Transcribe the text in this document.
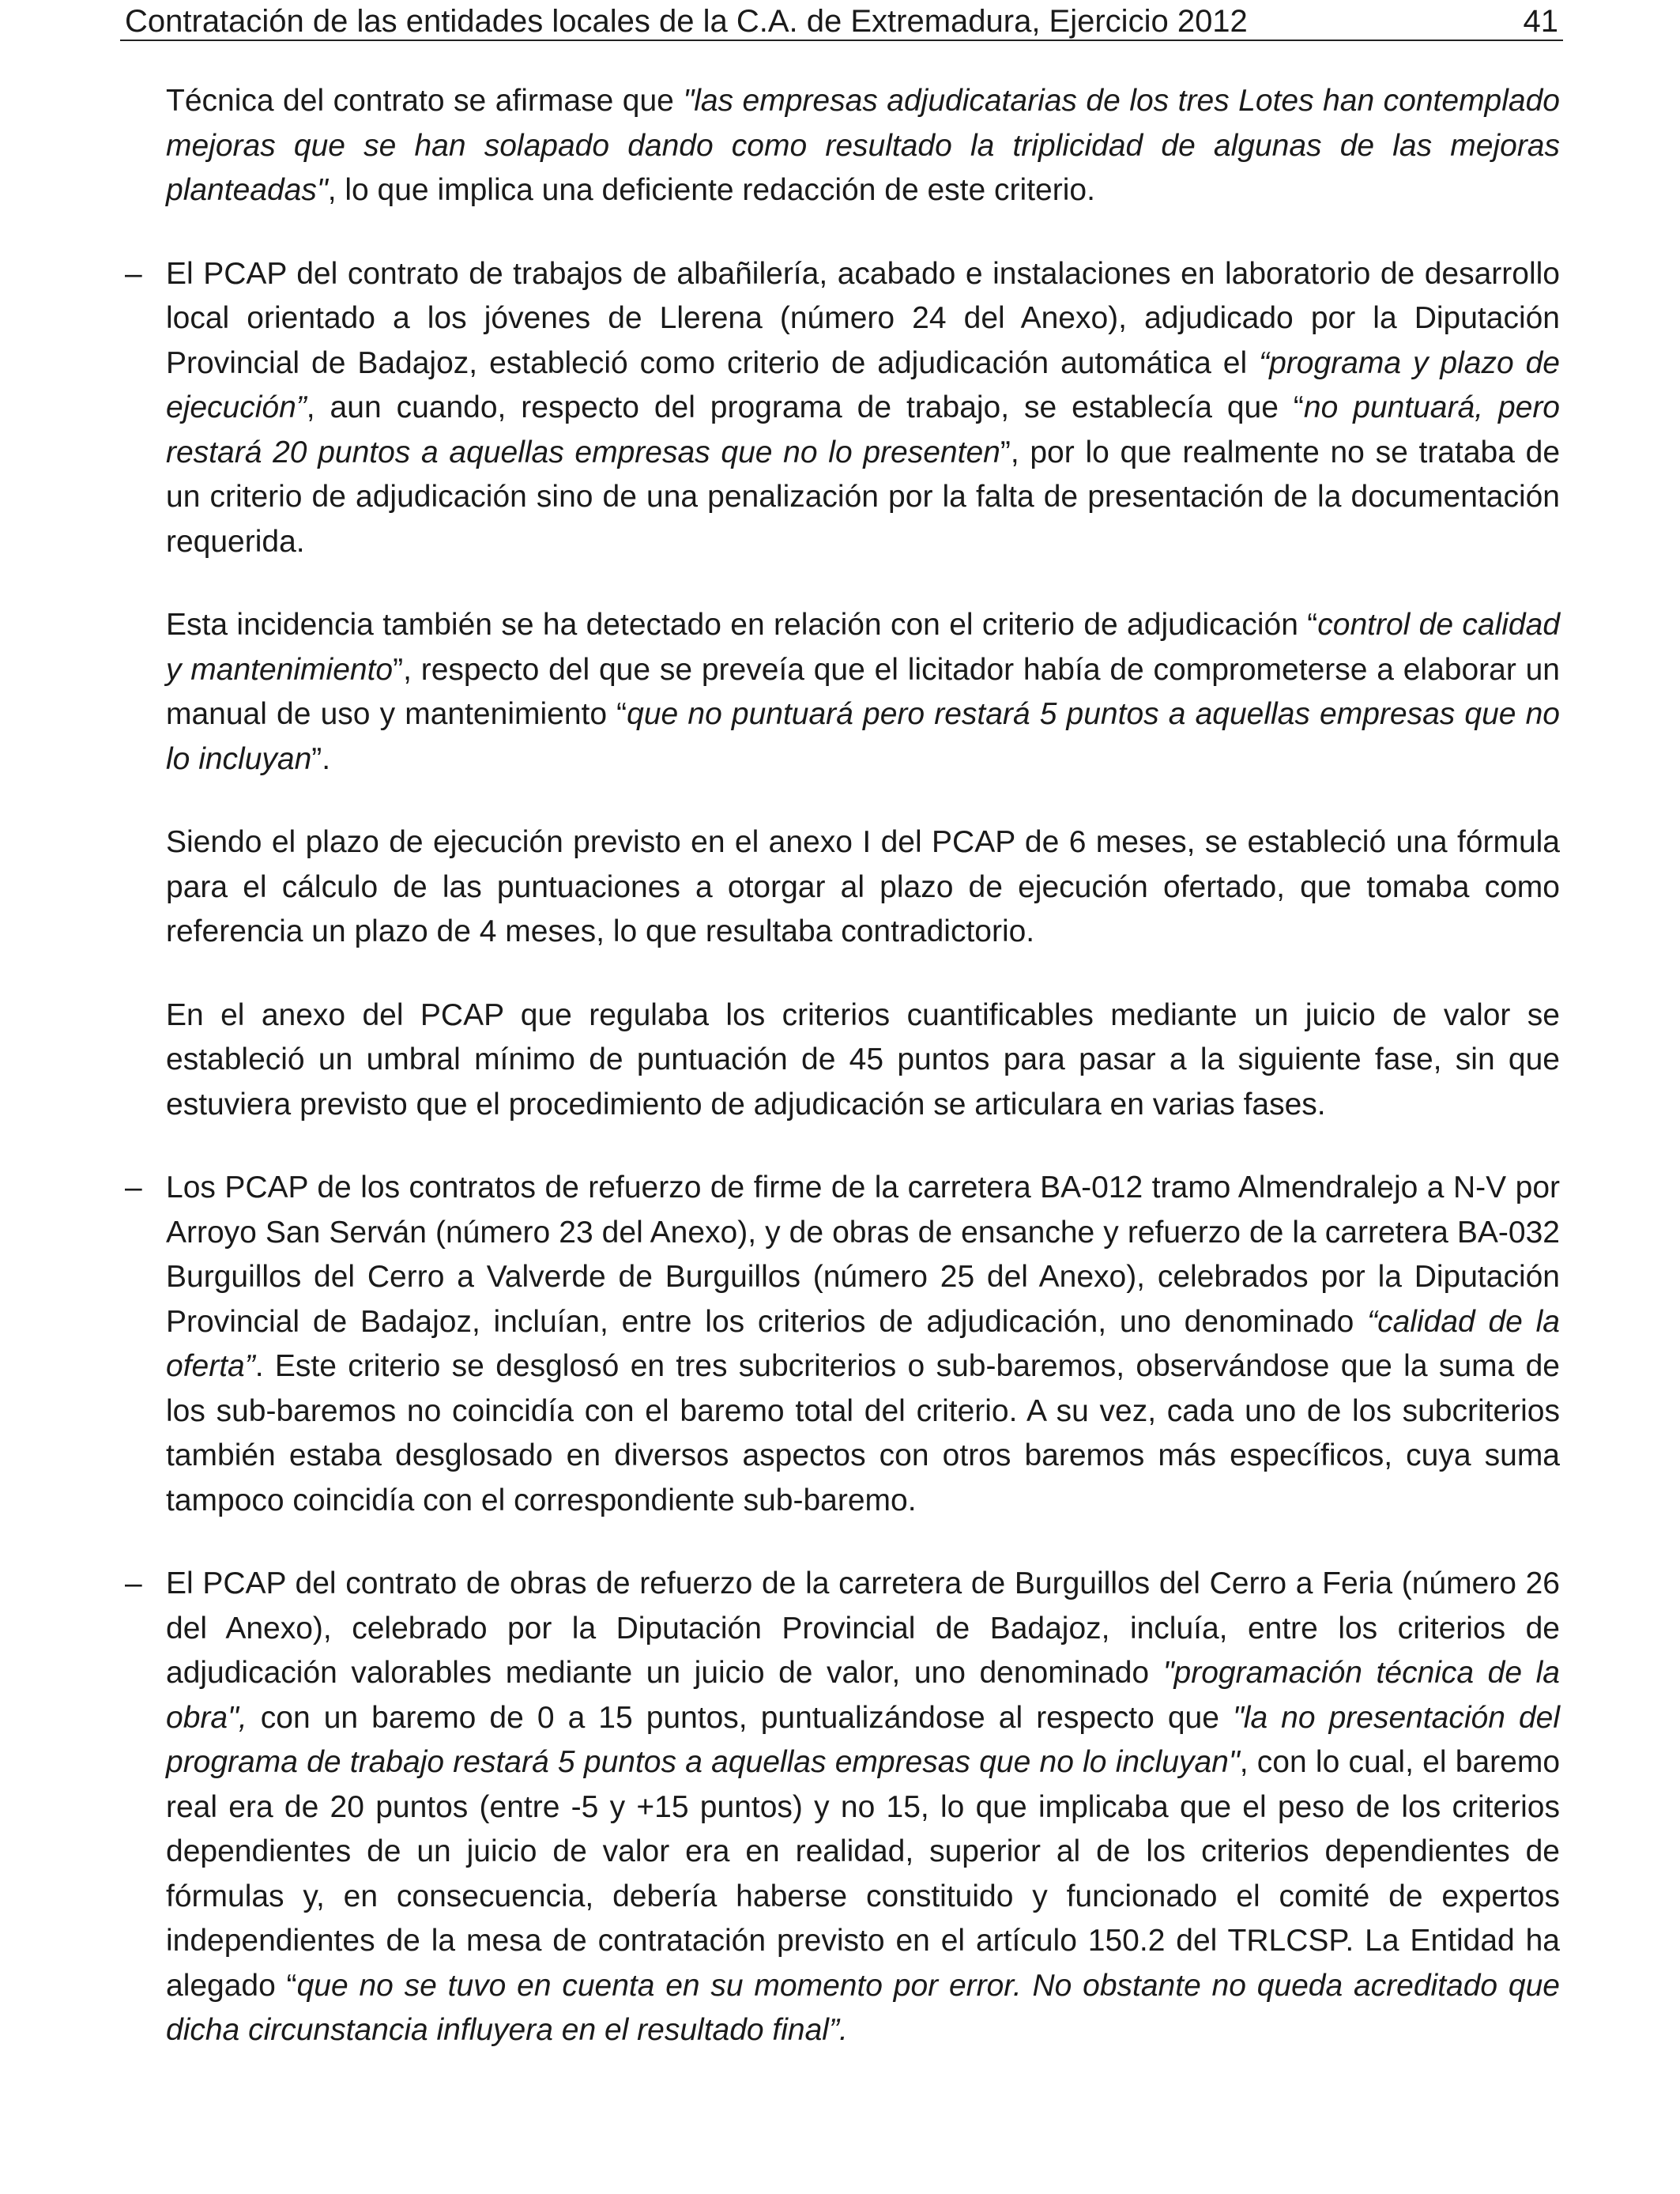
Contratación de las entidades locales de la C.A. de Extremadura, Ejercicio 2012	41

Técnica del contrato se afirmase que "las empresas adjudicatarias de los tres Lotes han contemplado mejoras que se han solapado dando como resultado la triplicidad de algunas de las mejoras planteadas", lo que implica una deficiente redacción de este criterio.

– El PCAP del contrato de trabajos de albañilería, acabado e instalaciones en laboratorio de desarrollo local orientado a los jóvenes de Llerena (número 24 del Anexo), adjudicado por la Diputación Provincial de Badajoz, estableció como criterio de adjudicación automática el “programa y plazo de ejecución”, aun cuando, respecto del programa de trabajo, se establecía que “no puntuará, pero restará 20 puntos a aquellas empresas que no lo presenten”, por lo que realmente no se trataba de un criterio de adjudicación sino de una penalización por la falta de presentación de la documentación requerida.

Esta incidencia también se ha detectado en relación con el criterio de adjudicación “control de calidad y mantenimiento”, respecto del que se preveía que el licitador había de comprometerse a elaborar un manual de uso y mantenimiento “que no puntuará pero restará 5 puntos a aquellas empresas que no lo incluyan”.

Siendo el plazo de ejecución previsto en el anexo I del PCAP de 6 meses, se estableció una fórmula para el cálculo de las puntuaciones a otorgar al plazo de ejecución ofertado, que tomaba como referencia un plazo de 4 meses, lo que resultaba contradictorio.

En el anexo del PCAP que regulaba los criterios cuantificables mediante un juicio de valor se estableció un umbral mínimo de puntuación de 45 puntos para pasar a la siguiente fase, sin que estuviera previsto que el procedimiento de adjudicación se articulara en varias fases.

– Los PCAP de los contratos de refuerzo de firme de la carretera BA-012 tramo Almendralejo a N-V por Arroyo San Serván (número 23 del Anexo), y de obras de ensanche y refuerzo de la carretera BA-032 Burguillos del Cerro a Valverde de Burguillos (número 25 del Anexo), celebrados por la Diputación Provincial de Badajoz, incluían, entre los criterios de adjudicación, uno denominado “calidad de la oferta”. Este criterio se desglosó en tres subcriterios o sub-baremos, observándose que la suma de los sub-baremos no coincidía con el baremo total del criterio. A su vez, cada uno de los subcriterios también estaba desglosado en diversos aspectos con otros baremos más específicos, cuya suma tampoco coincidía con el correspondiente sub-baremo.

– El PCAP del contrato de obras de refuerzo de la carretera de Burguillos del Cerro a Feria (número 26 del Anexo), celebrado por la Diputación Provincial de Badajoz, incluía, entre los criterios de adjudicación valorables mediante un juicio de valor, uno denominado "programación técnica de la obra", con un baremo de 0 a 15 puntos, puntualizándose al respecto que "la no presentación del programa de trabajo restará 5 puntos a aquellas empresas que no lo incluyan", con lo cual, el baremo real era de 20 puntos (entre -5 y +15 puntos) y no 15, lo que implicaba que el peso de los criterios dependientes de un juicio de valor era en realidad, superior al de los criterios dependientes de fórmulas y, en consecuencia, debería haberse constituido y funcionado el comité de expertos independientes de la mesa de contratación previsto en el artículo 150.2 del TRLCSP. La Entidad ha alegado “que no se tuvo en cuenta en su momento por error. No obstante no queda acreditado que dicha circunstancia influyera en el resultado final”.
